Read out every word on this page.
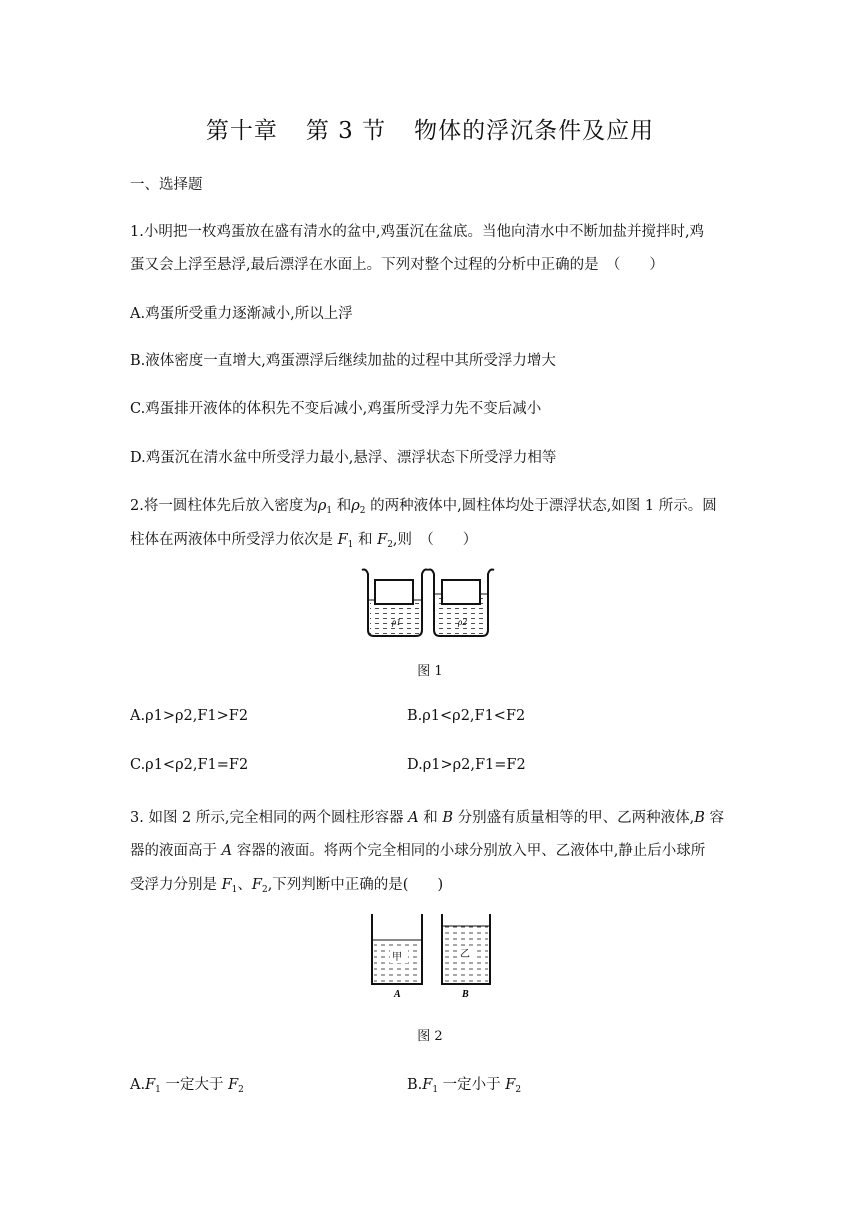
第十章 第 3 节 物体的浮沉条件及应用
一、选择题
1.小明把一枚鸡蛋放在盛有清水的盆中,鸡蛋沉在盆底。当他向清水中不断加盐并搅拌时,鸡
蛋又会上浮至悬浮,最后漂浮在水面上。下列对整个过程的分析中正确的是　（　　）
A.鸡蛋所受重力逐渐减小,所以上浮
B.液体密度一直增大,鸡蛋漂浮后继续加盐的过程中其所受浮力增大
C.鸡蛋排开液体的体积先不变后减小,鸡蛋所受浮力先不变后减小
D.鸡蛋沉在清水盆中所受浮力最小,悬浮、漂浮状态下所受浮力相等
2.将一圆柱体先后放入密度为$\rho_1$ 和$\rho_2$ 的两种液体中,圆柱体均处于漂浮状态,如图 1 所示。圆
柱体在两液体中所受浮力依次是 $F_1$ 和 $F_2$,则　（　　）
ρ1	ρ2
图 1
A.ρ1>ρ2,F1>F2	B.ρ1<ρ2,F1<F2
C.ρ1<ρ2,F1=F2	D.ρ1>ρ2,F1=F2
3. 如图 2 所示,完全相同的两个圆柱形容器 A 和 B 分别盛有质量相等的甲、乙两种液体,B 容
器的液面高于 A 容器的液面。将两个完全相同的小球分别放入甲、乙液体中,静止后小球所
受浮力分别是 $F_1$、$F_2$,下列判断中正确的是(　　)
甲
A
乙
B
图 2
$A.F_1$ 一定大于 $F_2$	$B.F_1$ 一定小于 $F_2$
